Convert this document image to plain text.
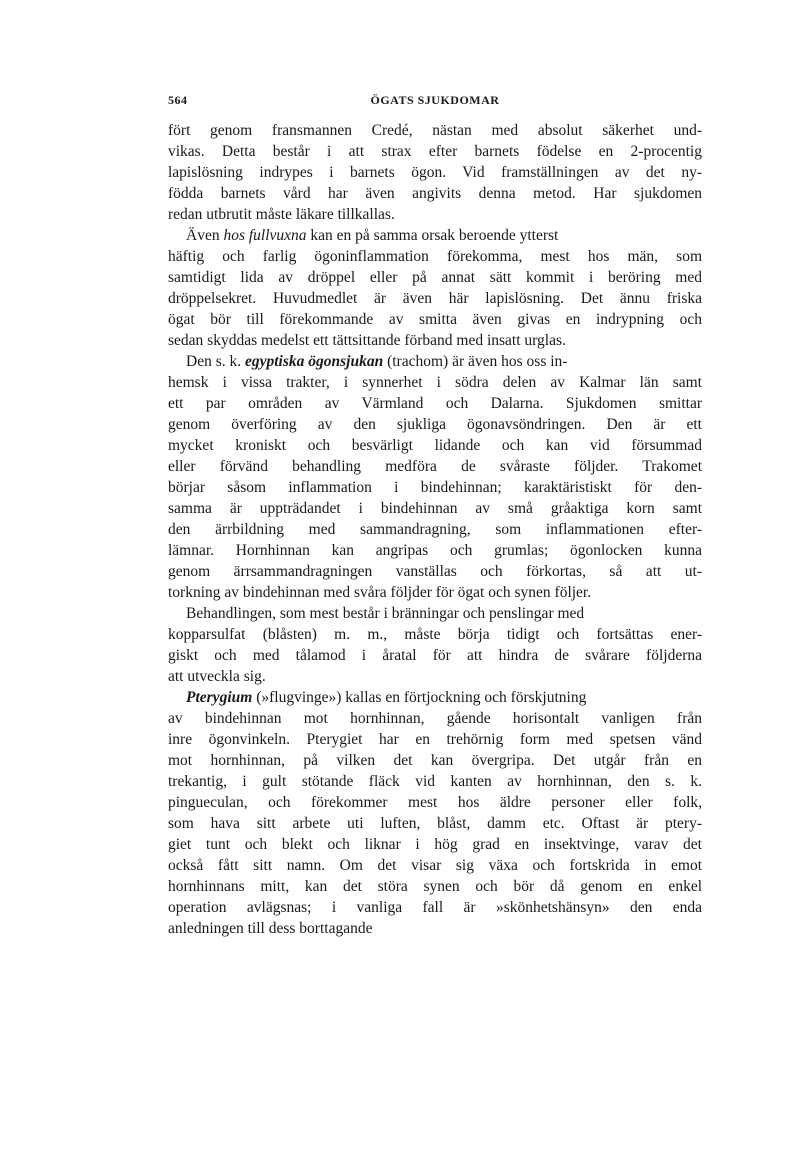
564	ÖGATS SJUKDOMAR
fört genom fransmannen Credé, nästan med absolut säkerhet und-
vikas. Detta består i att strax efter barnets födelse en 2-procentig
lapislösning indrypes i barnets ögon. Vid framställningen av det ny-
födda barnets vård har även angivits denna metod. Har sjukdomen
redan utbrutit måste läkare tillkallas.
Även hos fullvuxna kan en på samma orsak beroende ytterst
häftig och farlig ögoninflammation förekomma, mest hos män, som
samtidigt lida av dröppel eller på annat sätt kommit i beröring med
dröppelsekret. Huvudmedlet är även här lapislösning. Det ännu friska
ögat bör till förekommande av smitta även givas en indrypning och
sedan skyddas medelst ett tättsittande förband med insatt urglas.
Den s. k. egyptiska ögonsjukan (trachom) är även hos oss in-
hemsk i vissa trakter, i synnerhet i södra delen av Kalmar län samt
ett par områden av Värmland och Dalarna. Sjukdomen smittar
genom överföring av den sjukliga ögonavsöndringen. Den är ett
mycket kroniskt och besvärligt lidande och kan vid försummad
eller förvänd behandling medföra de svåraste följder. Trakomet
börjar såsom inflammation i bindehinnan; karaktäristiskt för den-
samma är uppträdandet i bindehinnan av små gråaktiga korn samt
den ärrbildning med sammandragning, som inflammationen efter-
lämnar. Hornhinnan kan angripas och grumlas; ögonlocken kunna
genom ärrsammandragningen vanställas och förkortas, så att ut-
torkning av bindehinnan med svåra följder för ögat och synen följer.
Behandlingen, som mest består i bränningar och penslingar med
kopparsulfat (blåsten) m. m., måste börja tidigt och fortsättas ener-
giskt och med tålamod i åratal för att hindra de svårare följderna
att utveckla sig.
Pterygium (»flugvinge») kallas en förtjockning och förskjutning
av bindehinnan mot hornhinnan, gående horisontalt vanligen från
inre ögonvinkeln. Pterygiet har en trehörnig form med spetsen vänd
mot hornhinnan, på vilken det kan övergripa. Det utgår från en
trekantig, i gult stötande fläck vid kanten av hornhinnan, den s. k.
pingueculan, och förekommer mest hos äldre personer eller folk,
som hava sitt arbete uti luften, blåst, damm etc. Oftast är ptery-
giet tunt och blekt och liknar i hög grad en insektvinge, varav det
också fått sitt namn. Om det visar sig växa och fortskrida in emot
hornhinnans mitt, kan det störa synen och bör då genom en enkel
operation avlägsnas; i vanliga fall är »skönhetshänsyn» den enda
anledningen till dess borttagande
